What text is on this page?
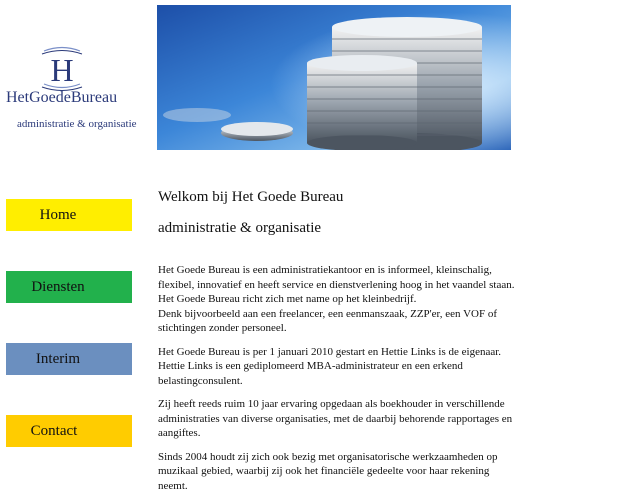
H
HetGoedeBureau
administratie & organisatie
Home
Diensten
Interim
Contact
Welkom bij Het Goede Bureau
administratie & organisatie

Het Goede Bureau is een administratiekantoor en is informeel, kleinschalig, flexibel, innovatief en heeft service en dienstverlening hoog in het vaandel staan.

Het Goede Bureau richt zich met name op het kleinbedrijf.

Denk bijvoorbeeld aan een freelancer, een eenmanszaak, ZZP'er, een VOF of stichtingen zonder personeel.

Het Goede Bureau is per 1 januari 2010 gestart en Hettie Links is de eigenaar. Hettie Links is een gediplomeerd MBA-administrateur en een erkend belastingconsulent.

Zij heeft reeds ruim 10 jaar ervaring opgedaan als boekhouder in verschillende administraties van diverse organisaties, met de daarbij behorende rapportages en aangiftes.

Sinds 2004 houdt zij zich ook bezig met organisatorische werkzaamheden op muzikaal gebied, waarbij zij ook het financiële gedeelte voor haar rekening neemt.
